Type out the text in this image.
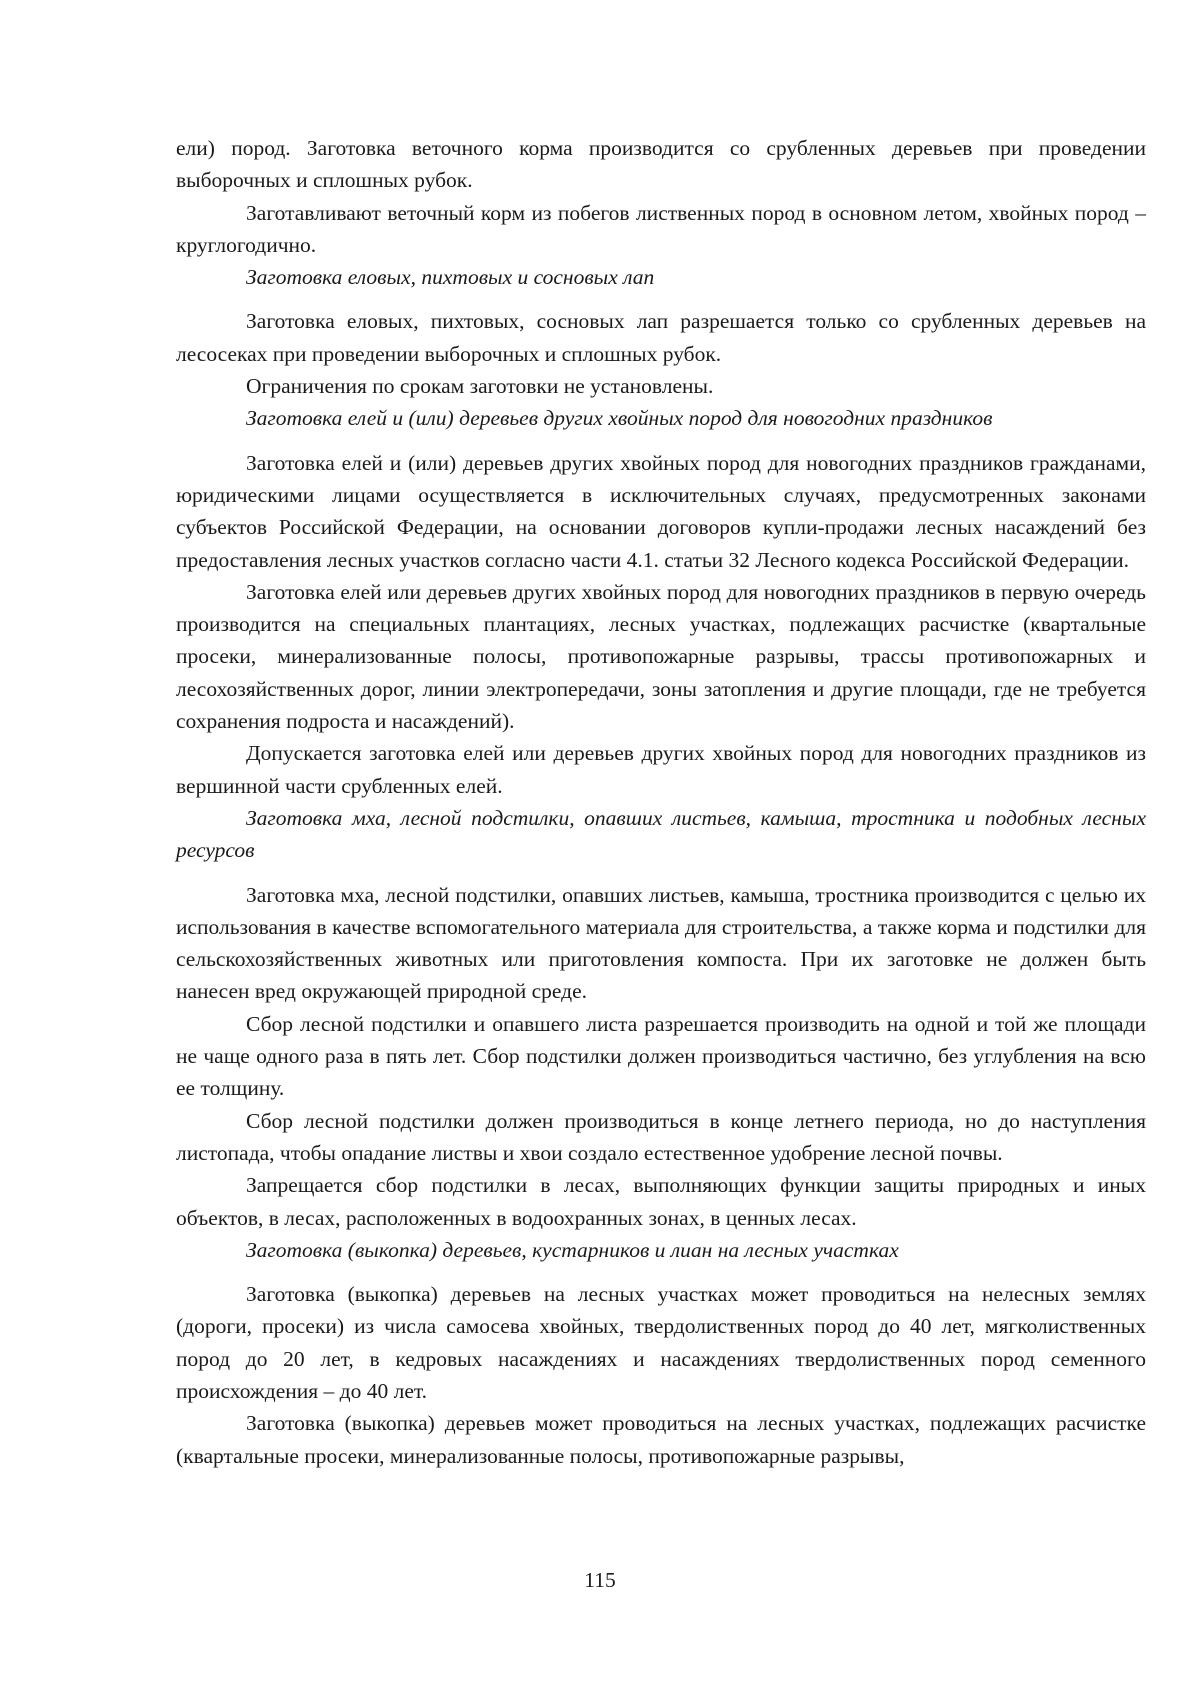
ели) пород. Заготовка веточного корма производится со срубленных деревьев при проведении выборочных и сплошных рубок.

Заготавливают веточный корм из побегов лиственных пород в основном летом, хвойных пород – круглогодично.

Заготовка еловых, пихтовых и сосновых лап

Заготовка еловых, пихтовых, сосновых лап разрешается только со срубленных деревьев на лесосеках при проведении выборочных и сплошных рубок.

Ограничения по срокам заготовки не установлены.

Заготовка елей и (или) деревьев других хвойных пород для новогодних праздников

Заготовка елей и (или) деревьев других хвойных пород для новогодних праздников гражданами, юридическими лицами осуществляется в исключительных случаях, предусмотренных законами субъектов Российской Федерации, на основании договоров купли-продажи лесных насаждений без предоставления лесных участков согласно части 4.1. статьи 32 Лесного кодекса Российской Федерации.

Заготовка елей или деревьев других хвойных пород для новогодних праздников в первую очередь производится на специальных плантациях, лесных участках, подлежащих расчистке (квартальные просеки, минерализованные полосы, противопожарные разрывы, трассы противопожарных и лесохозяйственных дорог, линии электропередачи, зоны затопления и другие площади, где не требуется сохранения подроста и насаждений).

Допускается заготовка елей или деревьев других хвойных пород для новогодних праздников из вершинной части срубленных елей.

Заготовка мха, лесной подстилки, опавших листьев, камыша, тростника и подобных лесных ресурсов

Заготовка мха, лесной подстилки, опавших листьев, камыша, тростника производится с целью их использования в качестве вспомогательного материала для строительства, а также корма и подстилки для сельскохозяйственных животных или приготовления компоста. При их заготовке не должен быть нанесен вред окружающей природной среде.

Сбор лесной подстилки и опавшего листа разрешается производить на одной и той же площади не чаще одного раза в пять лет. Сбор подстилки должен производиться частично, без углубления на всю ее толщину.

Сбор лесной подстилки должен производиться в конце летнего периода, но до наступления листопада, чтобы опадание листвы и хвои создало естественное удобрение лесной почвы.

Запрещается сбор подстилки в лесах, выполняющих функции защиты природных и иных объектов, в лесах, расположенных в водоохранных зонах, в ценных лесах.

Заготовка (выкопка) деревьев, кустарников и лиан на лесных участках

Заготовка (выкопка) деревьев на лесных участках может проводиться на нелесных землях (дороги, просеки) из числа самосева хвойных, твердолиственных пород до 40 лет, мягколиственных пород до 20 лет, в кедровых насаждениях и насаждениях твердолиственных пород семенного происхождения – до 40 лет.

Заготовка (выкопка) деревьев может проводиться на лесных участках, подлежащих расчистке (квартальные просеки, минерализованные полосы, противопожарные разрывы,

115
